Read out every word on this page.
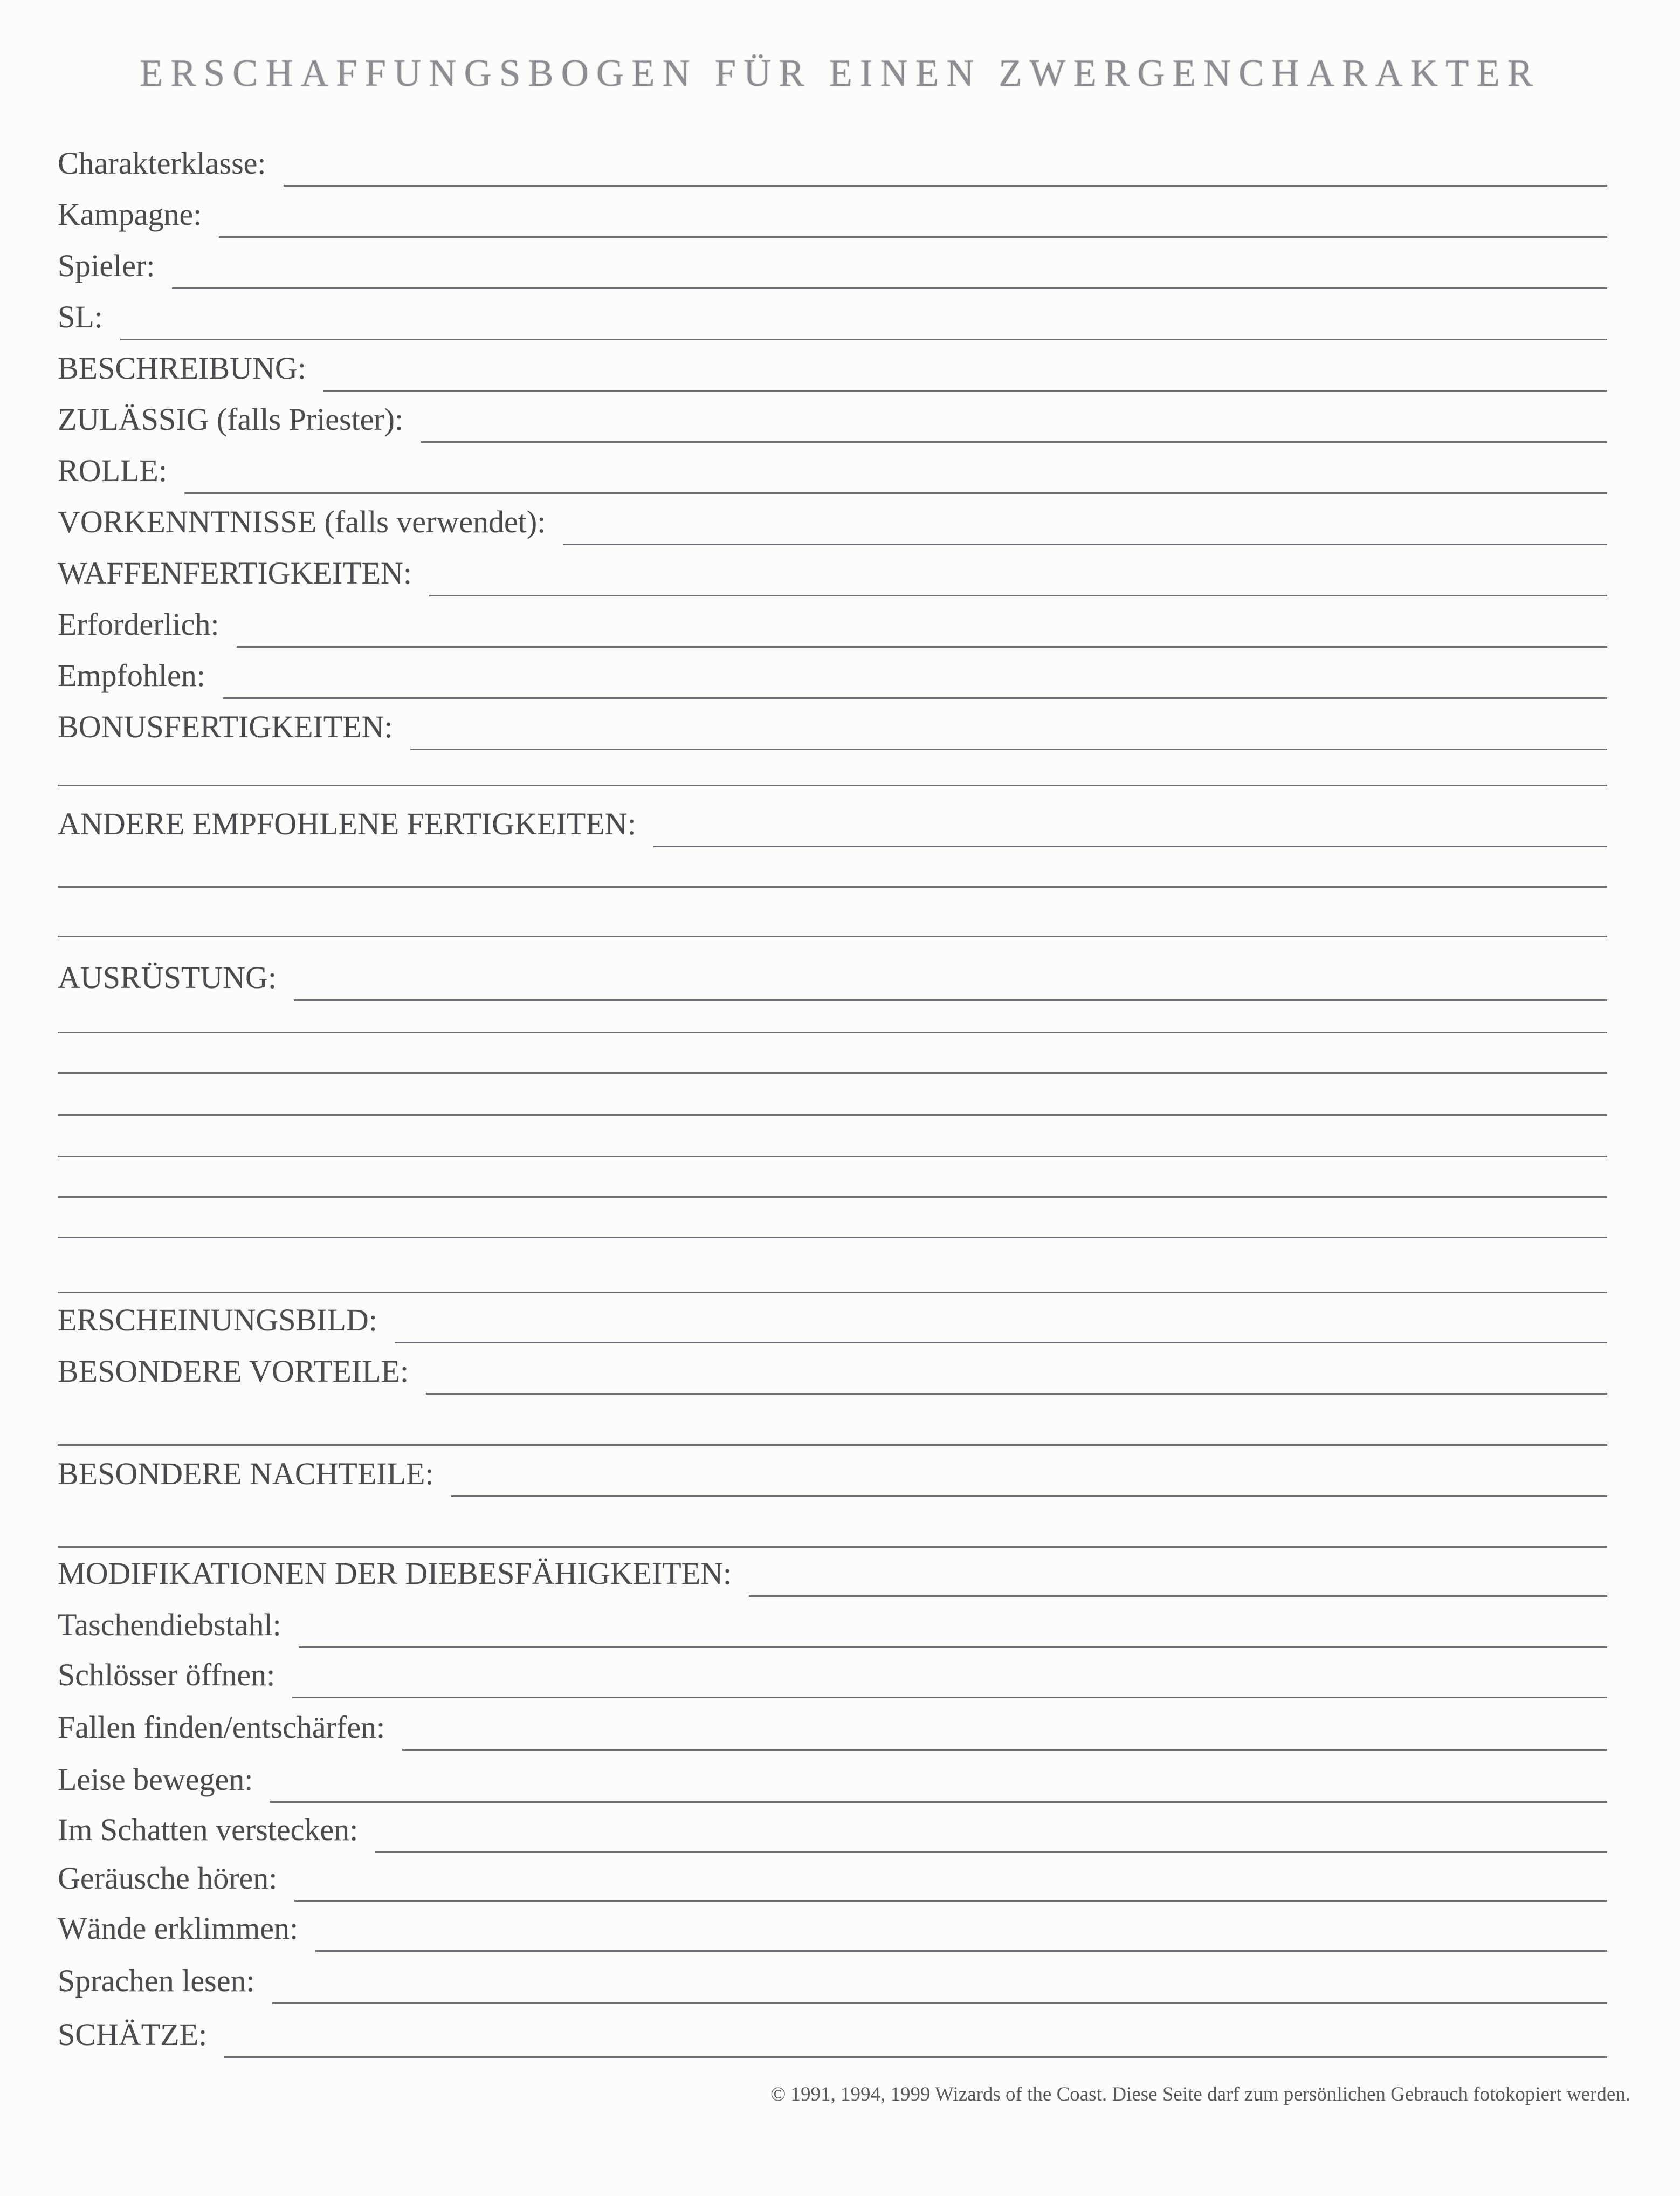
ERSCHAFFUNGSBOGEN FÜR EINEN ZWERGENCHARAKTER
Charakterklasse:
Kampagne:
Spieler:
SL:
BESCHREIBUNG:
ZULÄSSIG (falls Priester):
ROLLE:
VORKENNTNISSE (falls verwendet):
WAFFENFERTIGKEITEN:
Erforderlich:
Empfohlen:
BONUSFERTIGKEITEN:
ANDERE EMPFOHLENE FERTIGKEITEN:
AUSRÜSTUNG:
ERSCHEINUNGSBILD:
BESONDERE VORTEILE:
BESONDERE NACHTEILE:
MODIFIKATIONEN DER DIEBESFÄHIGKEITEN:
Taschendiebstahl:
Schlösser öffnen:
Fallen finden/entschärfen:
Leise bewegen:
Im Schatten verstecken:
Geräusche hören:
Wände erklimmen:
Sprachen lesen:
SCHÄTZE:
© 1991, 1994, 1999 Wizards of the Coast. Diese Seite darf zum persönlichen Gebrauch fotokopiert werden.
